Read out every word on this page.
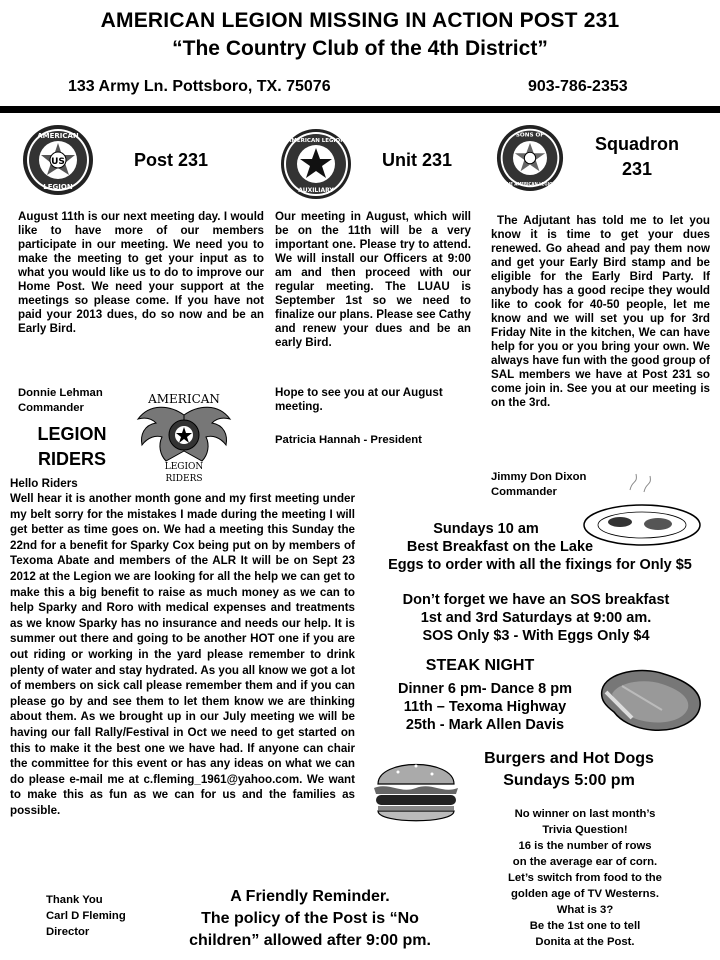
AMERICAN LEGION MISSING IN ACTION POST 231
“The Country Club of the 4th District”
133 Army Ln. Pottsboro, TX. 75076	903-786-2353
US
AMERICAN
LEGION
Post 231
August 11th is our next meeting day. I would like to have more of our members participate in our meeting. We need you to make the meeting to get your input as to what you would like us to do to improve our Home Post. We need your support at the meetings so please come. If you have not paid your 2013 dues, do so now and be an Early Bird.
Donnie Lehman
Commander
AMERICAN LEGION
AUXILIARY
Unit 231
Our meeting in August, which will be on the 11th will be a very important one. Please try to attend. We will install our Officers at 9:00 am and then proceed with our regular meeting. The LUAU is September 1st so we need to finalize our plans. Please see Cathy and renew your dues and be an early Bird.
Hope to see you at our August meeting.
Patricia Hannah - President
SONS OF
THE AMERICAN LEGION
Squadron
231
The Adjutant has told me to let you know it is time to get your dues renewed. Go ahead and pay them now and get your Early Bird stamp and be eligible for the Early Bird Party. If anybody has a good recipe they would like to cook for 40-50 people, let me know and we will set you up for 3rd Friday Nite in the kitchen, We can have help for you or you bring your own. We always have fun with the good group of SAL members we have at Post 231 so come join in. See you at our meeting is on the 3rd.
Jimmy Don Dixon
Commander
LEGION
RIDERS
AMERICAN
LEGION
RIDERS
Hello Riders
Well hear it is another month gone and my first meeting under my belt sorry for the mistakes I made during the meeting I will get better as time goes on. We had a meeting this Sunday the 22nd for a benefit for Sparky Cox being put on by members of Texoma Abate and members of the ALR It will be on Sept 23 2012 at the Legion we are looking for all the help we can get to make this a big benefit to raise as much money as we can to help Sparky and Roro with medical expenses and treatments as we know Sparky has no insurance and needs our help. It is summer out there and going to be another HOT one if you are out riding or working in the yard please remember to drink plenty of water and stay hydrated. As you all know we got a lot of members on sick call please remember them and if you can please go by and see them to let them know we are thinking about them. As we brought up in our July meeting we will be having our fall Rally/Festival in Oct we need to get started on this to make it the best one we have had. If anyone can chair the committee for this event or has any ideas on what we can do please e-mail me at c.fleming_1961@yahoo.com. We want to make this as fun as we can for us and the families as possible.
Thank You
Carl D Fleming
Director
Sundays 10 am
Best Breakfast on the Lake
Eggs to order with all the fixings for Only $5
Don’t forget we have an SOS breakfast
1st and 3rd Saturdays at 9:00 am.
SOS Only $3 - With Eggs Only $4
STEAK NIGHT
Dinner 6 pm- Dance 8 pm
11th – Texoma Highway
25th - Mark Allen Davis
Burgers and Hot Dogs
Sundays 5:00 pm
No winner on last month’s
Trivia Question!
16 is the number of rows
on the average ear of corn.
Let’s switch from food to the
golden age of TV Westerns.
What is 3?
Be the 1st one to tell
Donita at the Post.
A Friendly Reminder.
The policy of the Post is “No
children” allowed after 9:00 pm.
